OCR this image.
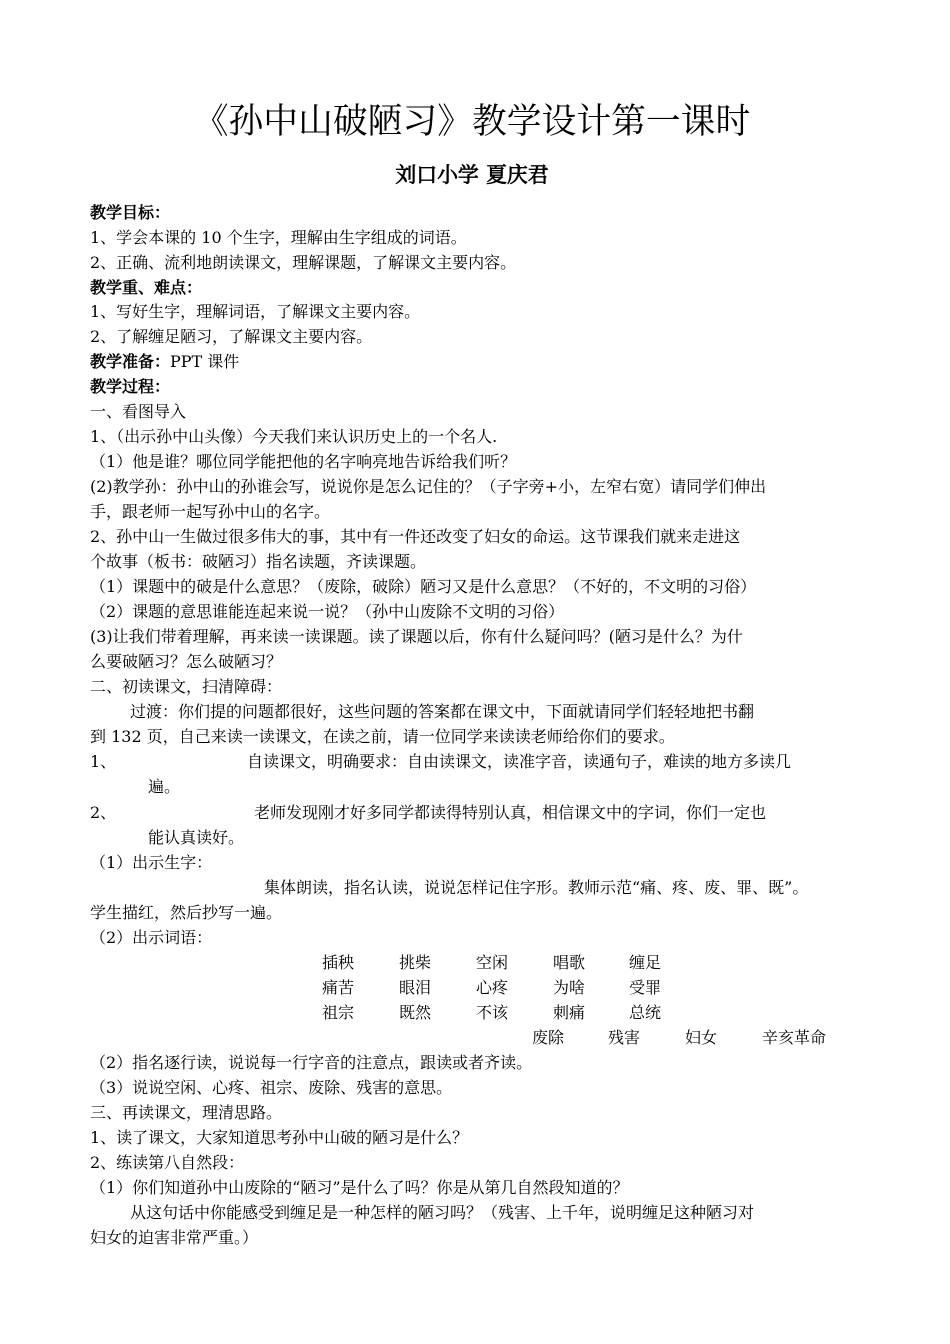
《孙中山破陋习》教学设计第一课时
刘口小学 夏庆君
教学目标：
1、学会本课的 10 个生字，理解由生字组成的词语。
2、正确、流利地朗读课文，理解课题，了解课文主要内容。
教学重、难点：
1、写好生字，理解词语，了解课文主要内容。
2、了解缠足陋习，了解课文主要内容。
教学准备：PPT 课件
教学过程：
一、看图导入
1、（出示孙中山头像）今天我们来认识历史上的一个名人.
（1）他是谁？哪位同学能把他的名字响亮地告诉给我们听？
(2)教学孙：孙中山的孙谁会写，说说你是怎么记住的？（子字旁+小，左窄右宽）请同学们伸出
手，跟老师一起写孙中山的名字。
2、孙中山一生做过很多伟大的事，其中有一件还改变了妇女的命运。这节课我们就来走进这
个故事（板书：破陋习）指名读题，齐读课题。
（1）课题中的破是什么意思？（废除，破除）陋习又是什么意思？（不好的，不文明的习俗）
（2）课题的意思谁能连起来说一说？（孙中山废除不文明的习俗）
(3)让我们带着理解，再来读一读课题。读了课题以后，你有什么疑问吗？(陋习是什么？为什
么要破陋习？怎么破陋习？
二、初读课文，扫清障碍：
过渡：你们提的问题都很好，这些问题的答案都在课文中，下面就请同学们轻轻地把书翻
到 132 页，自己来读一读课文，在读之前，请一位同学来读读老师给你们的要求。
1、	自读课文，明确要求：自由读课文，读准字音，读通句子，难读的地方多读几
遍。
2、	老师发现刚才好多同学都读得特别认真，相信课文中的字词，你们一定也
能认真读好。
（1）出示生字：
集体朗读，指名认读，说说怎样记住字形。教师示范“痛、疼、废、罪、既”。
学生描红，然后抄写一遍。
（2）出示词语：
插秧	挑柴	空闲	唱歌	缠足
痛苦	眼泪	心疼	为啥	受罪
祖宗	既然	不该	刺痛	总统
废除	残害	妇女	辛亥革命
（2）指名逐行读，说说每一行字音的注意点，跟读或者齐读。
（3）说说空闲、心疼、祖宗、废除、残害的意思。
三、再读课文，理清思路。
1、读了课文，大家知道思考孙中山破的陋习是什么？
2、练读第八自然段：
（1）你们知道孙中山废除的“陋习”是什么了吗？你是从第几自然段知道的？
从这句话中你能感受到缠足是一种怎样的陋习吗？（残害、上千年，说明缠足这种陋习对
妇女的迫害非常严重。）
